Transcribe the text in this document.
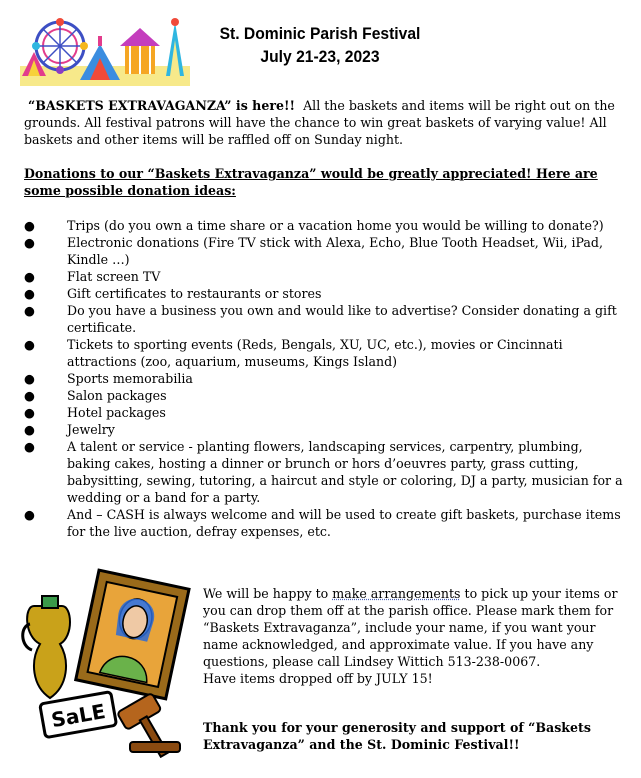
St. Dominic Parish Festival
July 21-23, 2023
“BASKETS EXTRAVAGANZA” is here!! All the baskets and items will be right out on the grounds. All festival patrons will have the chance to win great baskets of varying value! All baskets and other items will be raffled off on Sunday night.
Donations to our “Baskets Extravaganza” would be greatly appreciated! Here are some possible donation ideas:
●	Trips (do you own a time share or a vacation home you would be willing to donate?)
●	Electronic donations (Fire TV stick with Alexa, Echo, Blue Tooth Headset, Wii, iPad, Kindle …)
●	Flat screen TV
●	Gift certificates to restaurants or stores
●	Do you have a business you own and would like to advertise? Consider donating a gift certificate.
●	Tickets to sporting events (Reds, Bengals, XU, UC, etc.), movies or Cincinnati attractions (zoo, aquarium, museums, Kings Island)
●	Sports memorabilia
●	Salon packages
●	Hotel packages
●	Jewelry
●	A talent or service - planting flowers, landscaping services, carpentry, plumbing, baking cakes, hosting a dinner or brunch or hors d’oeuvres party, grass cutting, babysitting, sewing, tutoring, a haircut and style or coloring, DJ a party, musician for a wedding or a band for a party.
●	And – CASH is always welcome and will be used to create gift baskets, purchase items for the live auction, defray expenses, etc.
SaLE
We will be happy to make arrangements to pick up your items or you can drop them off at the parish office. Please mark them for “Baskets Extravaganza”, include your name, if you want your name acknowledged, and approximate value. If you have any questions, please call Lindsey Wittich 513-238-0067.
Have items dropped off by JULY 15!
Thank you for your generosity and support of “Baskets Extravaganza” and the St. Dominic Festival!!
